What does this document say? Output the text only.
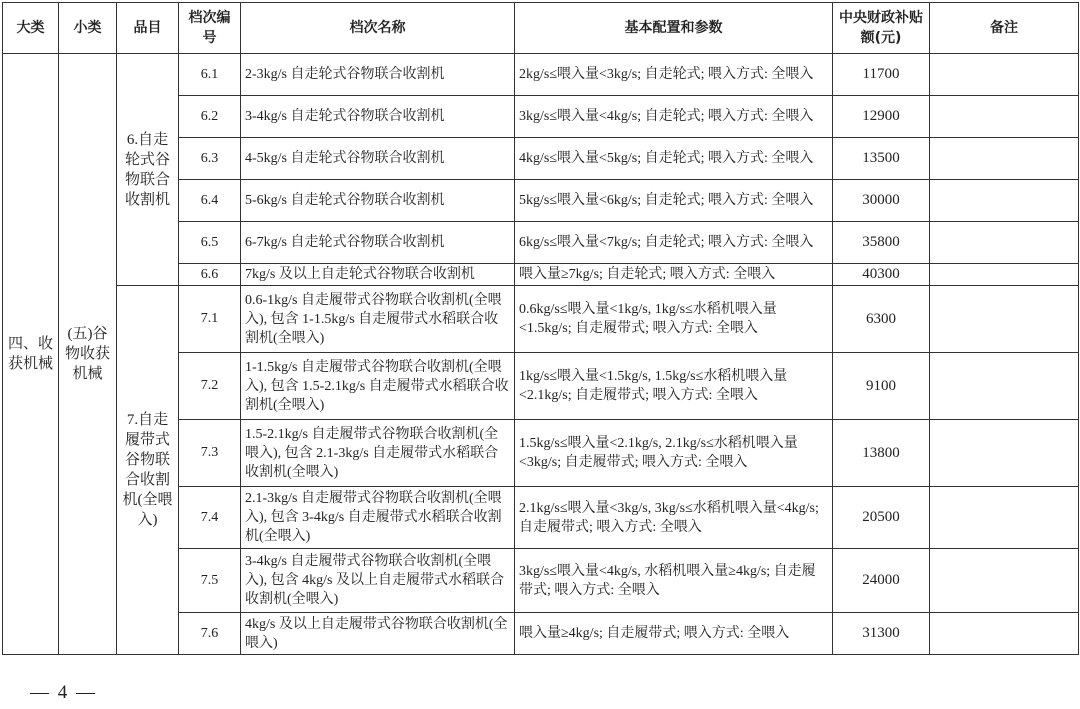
大类	小类	品目	档次编号	档次名称	基本配置和参数	中央财政补贴额(元)	备注
四、收获机械	(五)谷物收获机械	6.自走轮式谷物联合收割机	6.1	2-3kg/s 自走轮式谷物联合收割机	2kg/s≤喂入量<3kg/s; 自走轮式; 喂入方式: 全喂入	11700	
			6.2	3-4kg/s 自走轮式谷物联合收割机	3kg/s≤喂入量<4kg/s; 自走轮式; 喂入方式: 全喂入	12900	
			6.3	4-5kg/s 自走轮式谷物联合收割机	4kg/s≤喂入量<5kg/s; 自走轮式; 喂入方式: 全喂入	13500	
			6.4	5-6kg/s 自走轮式谷物联合收割机	5kg/s≤喂入量<6kg/s; 自走轮式; 喂入方式: 全喂入	30000	
			6.5	6-7kg/s 自走轮式谷物联合收割机	6kg/s≤喂入量<7kg/s; 自走轮式; 喂入方式: 全喂入	35800	
			6.6	7kg/s 及以上自走轮式谷物联合收割机	喂入量≥7kg/s; 自走轮式; 喂入方式: 全喂入	40300	
		7.自走履带式谷物联合收割机(全喂入)	7.1	0.6-1kg/s 自走履带式谷物联合收割机(全喂入), 包含 1-1.5kg/s 自走履带式水稻联合收割机(全喂入)	0.6kg/s≤喂入量<1kg/s, 1kg/s≤水稻机喂入量<1.5kg/s; 自走履带式; 喂入方式: 全喂入	6300	
			7.2	1-1.5kg/s 自走履带式谷物联合收割机(全喂入), 包含 1.5-2.1kg/s 自走履带式水稻联合收割机(全喂入)	1kg/s≤喂入量<1.5kg/s, 1.5kg/s≤水稻机喂入量<2.1kg/s; 自走履带式; 喂入方式: 全喂入	9100	
			7.3	1.5-2.1kg/s 自走履带式谷物联合收割机(全喂入), 包含 2.1-3kg/s 自走履带式水稻联合收割机(全喂入)	1.5kg/s≤喂入量<2.1kg/s, 2.1kg/s≤水稻机喂入量<3kg/s; 自走履带式; 喂入方式: 全喂入	13800	
			7.4	2.1-3kg/s 自走履带式谷物联合收割机(全喂入), 包含 3-4kg/s 自走履带式水稻联合收割机(全喂入)	2.1kg/s≤喂入量<3kg/s, 3kg/s≤水稻机喂入量<4kg/s; 自走履带式; 喂入方式: 全喂入	20500	
			7.5	3-4kg/s 自走履带式谷物联合收割机(全喂入), 包含 4kg/s 及以上自走履带式水稻联合收割机(全喂入)	3kg/s≤喂入量<4kg/s, 水稻机喂入量≥4kg/s; 自走履带式; 喂入方式: 全喂入	24000	
			7.6	4kg/s 及以上自走履带式谷物联合收割机(全喂入)	喂入量≥4kg/s; 自走履带式; 喂入方式: 全喂入	31300	
— 4 —
